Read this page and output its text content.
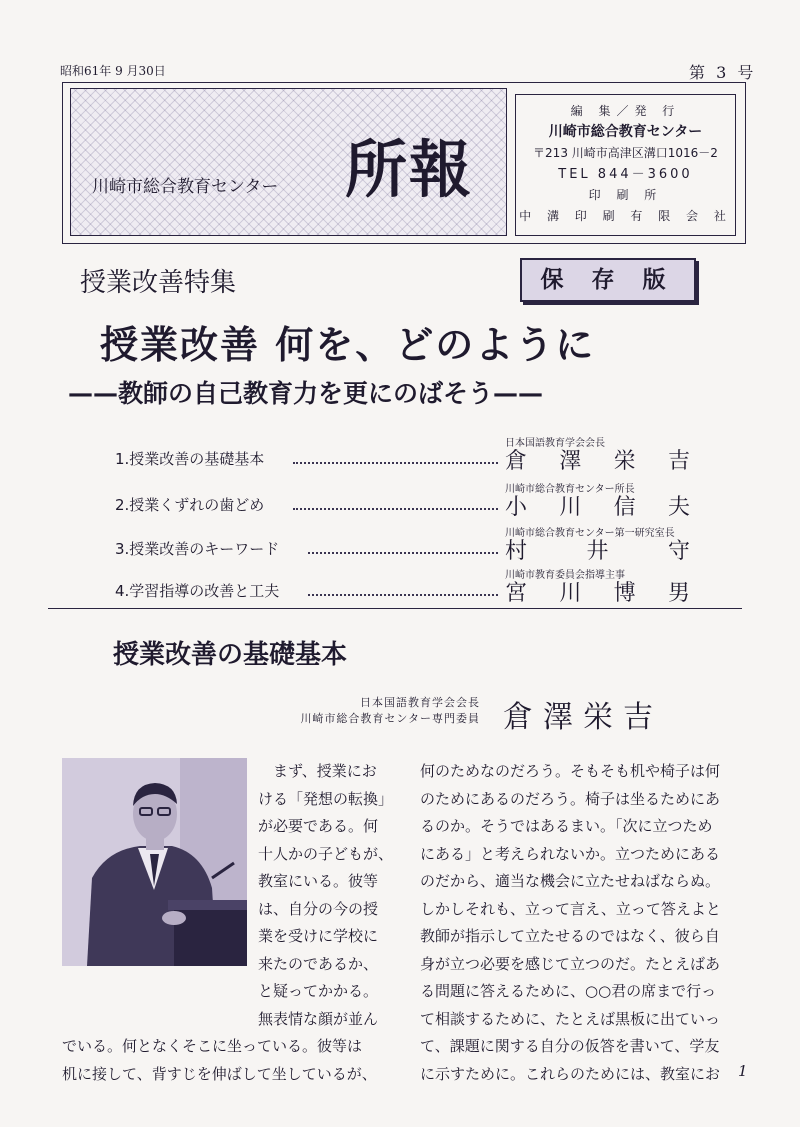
昭和61年 9 月30日	第 3 号
川崎市総合教育センター 所報
編 集／発 行
川崎市総合教育センター
〒213 川崎市高津区溝口1016－2
TEL 844－3600
印 刷 所
中 溝 印 刷 有 限 会 社
授業改善特集	保 存 版
授業改善 何を、どのように
——教師の自己教育力を更にのばそう——
日本国語教育学会会長
1.授業改善の基礎基本	倉澤栄吉
川崎市総合教育センター所長
2.授業くずれの歯どめ	小川信夫
川崎市総合教育センター第一研究室長
3.授業改善のキーワード	村井守
川崎市教育委員会指導主事
4.学習指導の改善と工夫	宮川博男
授業改善の基礎基本
日本国語教育学会会長
川崎市総合教育センター専門委員 倉澤栄吉

まず、授業にお

ける「発想の転換」

が必要である。何

十人かの子どもが、

教室にいる。彼等

は、自分の今の授

業を受けに学校に

来たのであるか、

と疑ってかかる。

無表情な顔が並ん

でいる。何となくそこに坐っている。彼等は

机に接して、背すじを伸ばして坐しているが、

何のためなのだろう。そもそも机や椅子は何

のためにあるのだろう。椅子は坐るためにあ

るのか。そうではあるまい。「次に立つため

にある」と考えられないか。立つためにある

のだから、適当な機会に立たせねばならぬ。

しかしそれも、立って言え、立って答えよと

教師が指示して立たせるのではなく、彼ら自

身が立つ必要を感じて立つのだ。たとえばあ

る問題に答えるために、○○君の席まで行っ

て相談するために、たとえば黒板に出ていっ

て、課題に関する自分の仮答を書いて、学友

に示すために。これらのためには、教室にお 1
